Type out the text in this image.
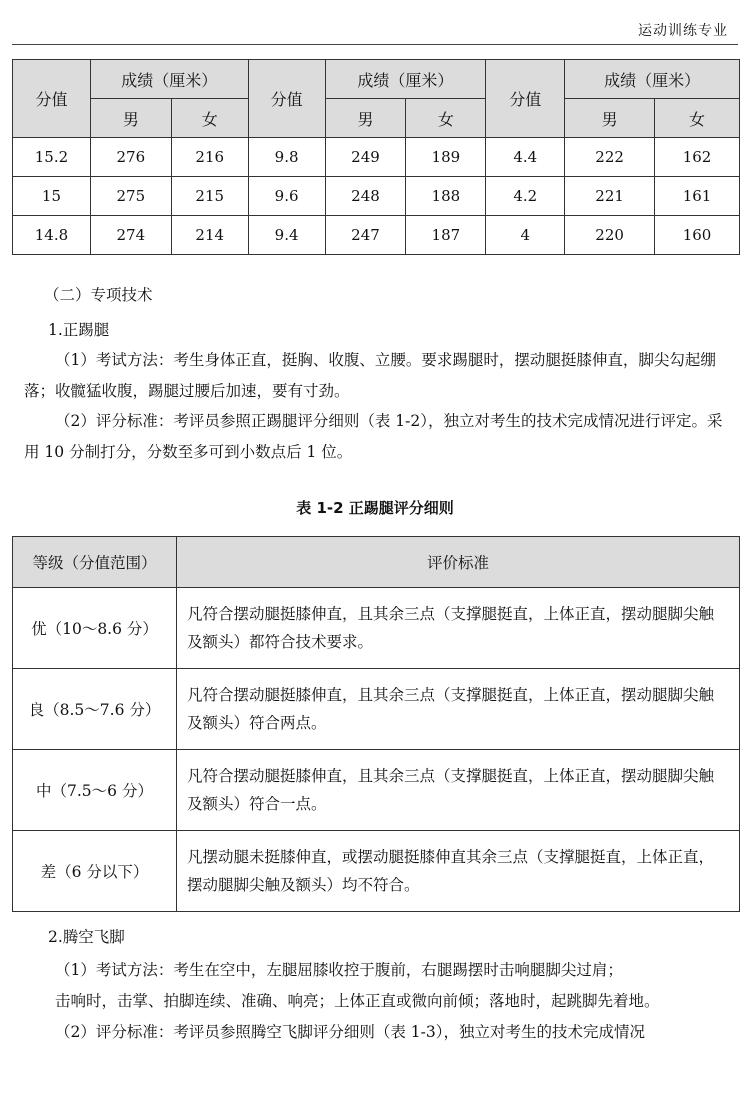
运动训练专业
分值	成绩（厘米）		分值	成绩（厘米）		分值	成绩（厘米）	
	男	女		男	女		男	女
15.2	276	216	9.8	249	189	4.4	222	162
15	275	215	9.6	248	188	4.2	221	161
14.8	274	214	9.4	247	187	4	220	160
（二）专项技术
1.正踢腿

（1）考试方法：考生身体正直，挺胸、收腹、立腰。要求踢腿时，摆动腿挺膝伸直，脚尖勾起绷落；收髋猛收腹，踢腿过腰后加速，要有寸劲。

（2）评分标准：考评员参照正踢腿评分细则（表 1-2），独立对考生的技术完成情况进行评定。采用 10 分制打分，分数至多可到小数点后 1 位。

表 1-2 正踢腿评分细则
等级（分值范围）	评价标准
优（10～8.6 分）	凡符合摆动腿挺膝伸直，且其余三点（支撑腿挺直，上体正直，摆动腿脚尖触及额头）都符合技术要求。
良（8.5～7.6 分）	凡符合摆动腿挺膝伸直，且其余三点（支撑腿挺直，上体正直，摆动腿脚尖触及额头）符合两点。
中（7.5～6 分）	凡符合摆动腿挺膝伸直，且其余三点（支撑腿挺直，上体正直，摆动腿脚尖触及额头）符合一点。
差（6 分以下）	凡摆动腿未挺膝伸直，或摆动腿挺膝伸直其余三点（支撑腿挺直，上体正直，摆动腿脚尖触及额头）均不符合。
2.腾空飞脚

（1）考试方法：考生在空中，左腿屈膝收控于腹前，右腿踢摆时击响腿脚尖过肩；

击响时，击掌、拍脚连续、准确、响亮；上体正直或微向前倾；落地时，起跳脚先着地。

（2）评分标准：考评员参照腾空飞脚评分细则（表 1-3），独立对考生的技术完成情况
